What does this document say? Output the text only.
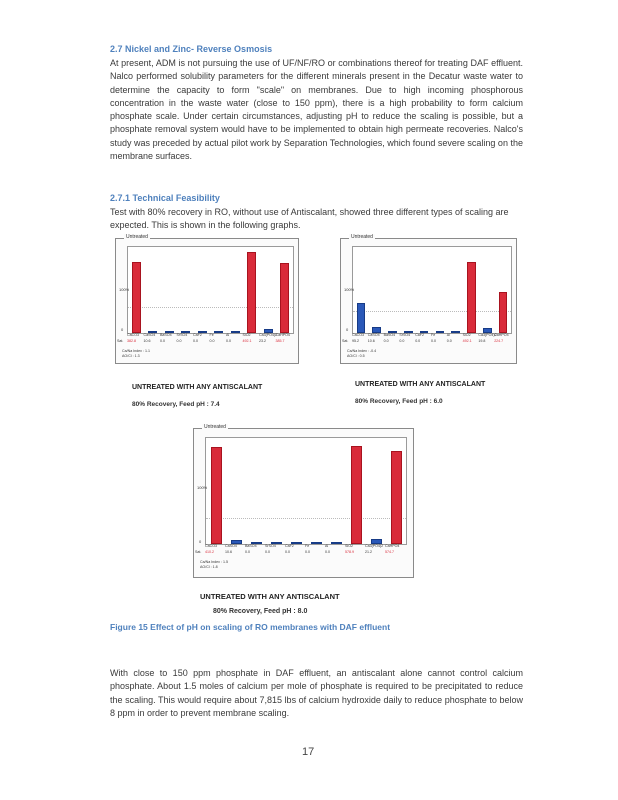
2.7 Nickel and Zinc- Reverse Osmosis
At present, ADM is not pursuing the use of UF/NF/RO or combinations thereof for treating DAF effluent. Nalco performed solubility parameters for the different minerals present in the Decatur waste water to determine the capacity to form "scale" on membranes. Due to high incoming phosphorous concentration in the waste water (close to 150 ppm), there is a high probability to form calcium phosphate scale. Under certain circumstances, adjusting pH to reduce the scaling is possible, but a phosphate removal system would have to be implemented to obtain high permeate recoveries. Nalco's study was preceded by actual pilot work by Separation Technologies, which found severe scaling on the membrane surfaces.
2.7.1 Technical Feasibility
Test with 80% recovery in RO, without use of Antiscalant, showed three different types of scaling are expected. This is shown in the following graphs.
Untreated
100%
0
CaCO3
382.8
CaSO4
10.6
BaSO4
0.0
SrSO4
0.0
CaF2
0.0
Fe
0.0
Al
0.0
SiO2
492.1
Ca3(PO4)2
23.2
CaHPO4
385.7
Sat.
Ca/Na Index : 1.1
AO/Cl : 1.3
UNTREATED WITH ANY ANTISCALANT
80% Recovery, Feed pH : 7.4
Untreated
100%
0
CaCO3
95.2
CaSO4
10.6
BaSO4
0.0
SrSO4
0.0
CaF2
0.0
Fe
0.0
Al
0.0
SiO2
492.1
Ca3(PO4)2
19.8
CaHPO4
224.7
Sat.
Ca/Na Index : -0.4
AO/Cl : 0.5
UNTREATED WITH ANY ANTISCALANT
80% Recovery, Feed pH : 6.0
Untreated
100%
0
CaCO3
410.2
CaSO4
10.6
BaSO4
0.0
SrSO4
0.0
CaF2
0.0
Fe
0.0
Al
0.0
SiO2
578.9
Ca3(PO4)2
21.2
CaHPO4
574.7
Sat.
Ca/Na Index : 1.5
AO/Cl : 1.8
UNTREATED WITH ANY ANTISCALANT
80% Recovery, Feed pH : 8.0
Figure 15 Effect of pH on scaling of RO membranes with DAF effluent
With close to 150 ppm phosphate in DAF effluent, an antiscalant alone cannot control calcium phosphate. About 1.5 moles of calcium per mole of phosphate is required to be precipitated to reduce the scaling. This would require about 7,815 lbs of calcium hydroxide daily to reduce phosphate to below 8 ppm in order to prevent membrane scaling.
17
